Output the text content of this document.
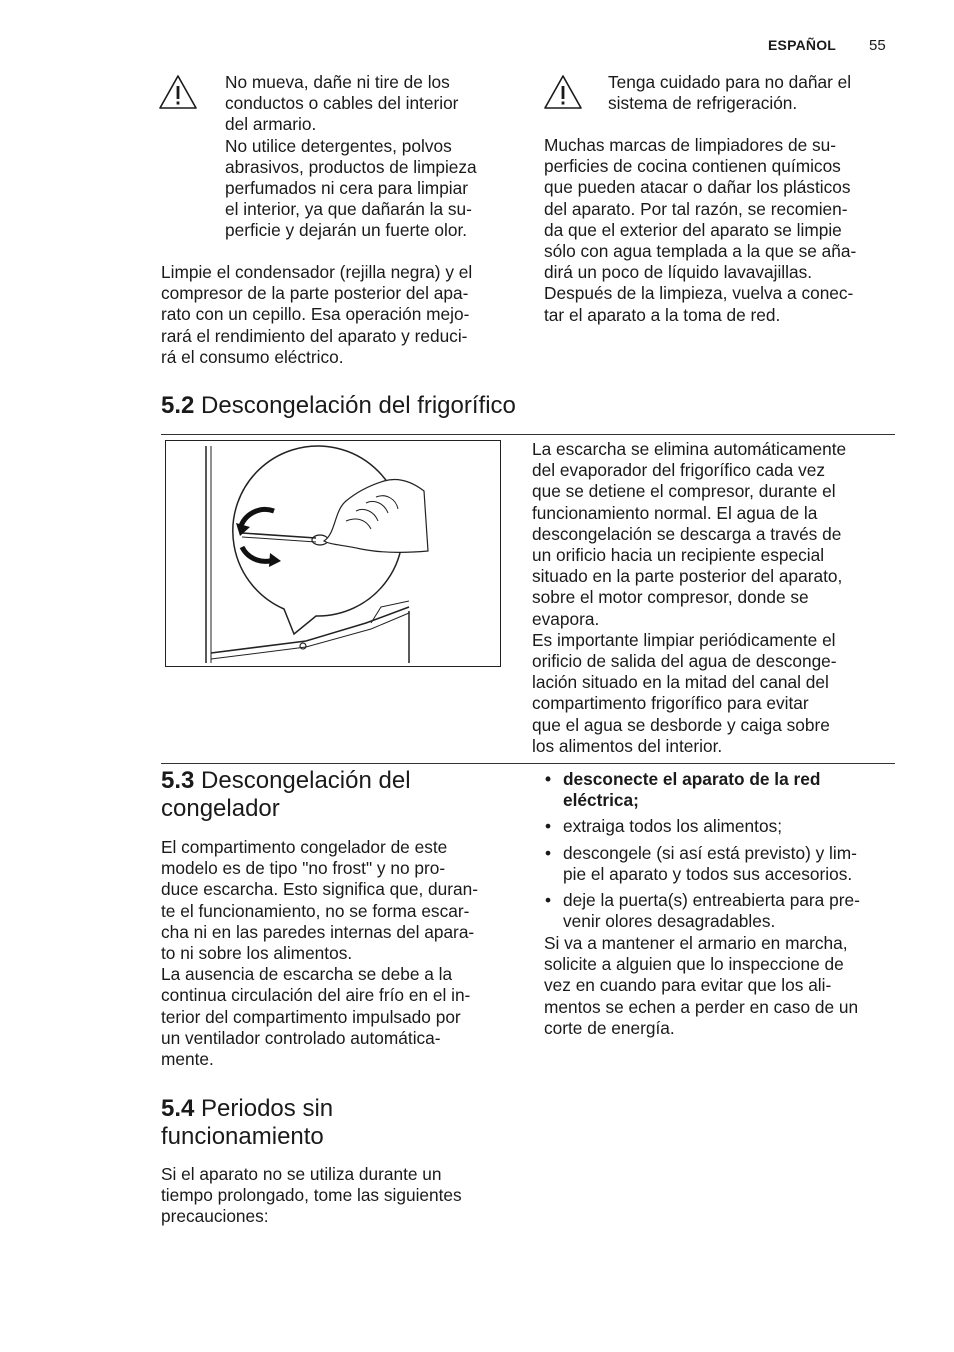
ESPAÑOL 55

No mueva, dañe ni tire de los
conductos o cables del interior
del armario.
No utilice detergentes, polvos
abrasivos, productos de limpieza
perfumados ni cera para limpiar
el interior, ya que dañarán la su-
perficie y dejarán un fuerte olor.

Tenga cuidado para no dañar el
sistema de refrigeración.

Limpie el condensador (rejilla negra) y el
compresor de la parte posterior del apa-
rato con un cepillo. Esa operación mejo-
rará el rendimiento del aparato y reduci-
rá el consumo eléctrico.

Muchas marcas de limpiadores de su-
perficies de cocina contienen químicos
que pueden atacar o dañar los plásticos
del aparato. Por tal razón, se recomien-
da que el exterior del aparato se limpie
sólo con agua templada a la que se aña-
dirá un poco de líquido lavavajillas.
Después de la limpieza, vuelva a conec-
tar el aparato a la toma de red.

5.2 Descongelación del frigorífico

La escarcha se elimina automáticamente
del evaporador del frigorífico cada vez
que se detiene el compresor, durante el
funcionamiento normal. El agua de la
descongelación se descarga a través de
un orificio hacia un recipiente especial
situado en la parte posterior del aparato,
sobre el motor compresor, donde se
evapora.
Es importante limpiar periódicamente el
orificio de salida del agua de desconge-
lación situado en la mitad del canal del
compartimento frigorífico para evitar
que el agua se desborde y caiga sobre
los alimentos del interior.

5.3 Descongelación del
congelador

El compartimento congelador de este
modelo es de tipo "no frost" y no pro-
duce escarcha. Esto significa que, duran-
te el funcionamiento, no se forma escar-
cha ni en las paredes internas del apara-
to ni sobre los alimentos.
La ausencia de escarcha se debe a la
continua circulación del aire frío en el in-
terior del compartimento impulsado por
un ventilador controlado automática-
mente.

5.4 Periodos sin
funcionamiento

Si el aparato no se utiliza durante un
tiempo prolongado, tome las siguientes
precauciones:

• desconecte el aparato de la red
eléctrica;
• extraiga todos los alimentos;
• descongele (si así está previsto) y lim-
pie el aparato y todos sus accesorios.
• deje la puerta(s) entreabierta para pre-
venir olores desagradables.

Si va a mantener el armario en marcha,
solicite a alguien que lo inspeccione de
vez en cuando para evitar que los ali-
mentos se echen a perder en caso de un
corte de energía.
